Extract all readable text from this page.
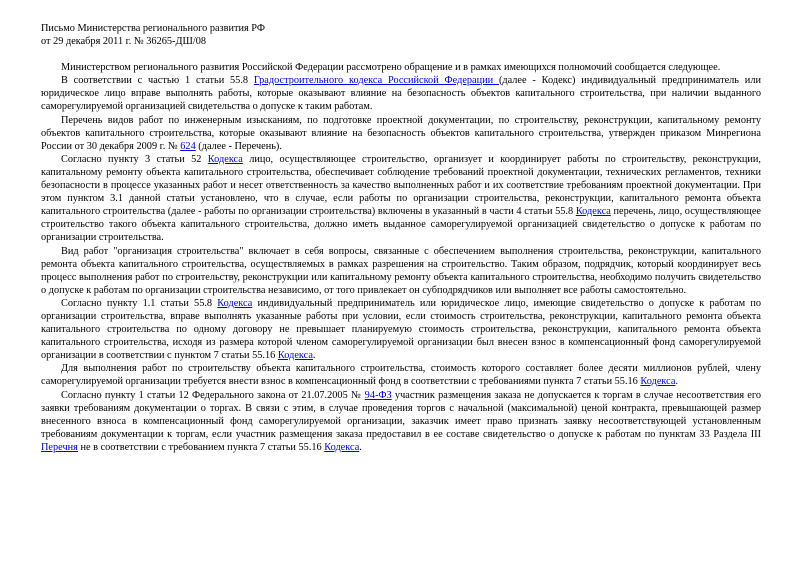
Письмо Министерства регионального развития РФ
от 29 декабря 2011 г. № 36265-ДШ/08

Министерством регионального развития Российской Федерации рассмотрено обращение и в рамках имеющихся полномочий сообщается следующее.

В соответствии с частью 1 статьи 55.8 Градостроительного кодекса Российской Федерации (далее - Кодекс) индивидуальный предприниматель или юридическое лицо вправе выполнять работы, которые оказывают влияние на безопасность объектов капитального строительства, при наличии выданного саморегулируемой организацией свидетельства о допуске к таким работам.

Перечень видов работ по инженерным изысканиям, по подготовке проектной документации, по строительству, реконструкции, капитальному ремонту объектов капитального строительства, которые оказывают влияние на безопасность объектов капитального строительства, утвержден приказом Минрегиона России от 30 декабря 2009 г. № 624 (далее - Перечень).

Согласно пункту 3 статьи 52 Кодекса лицо, осуществляющее строительство, организует и координирует работы по строительству, реконструкции, капитальному ремонту объекта капитального строительства, обеспечивает соблюдение требований проектной документации, технических регламентов, техники безопасности в процессе указанных работ и несет ответственность за качество выполненных работ и их соответствие требованиям проектной документации. При этом пунктом 3.1 данной статьи установлено, что в случае, если работы по организации строительства, реконструкции, капитального ремонта объекта капитального строительства (далее - работы по организации строительства) включены в указанный в части 4 статьи 55.8 Кодекса перечень, лицо, осуществляющее строительство такого объекта капитального строительства, должно иметь выданное саморегулируемой организацией свидетельство о допуске к работам по организации строительства.

Вид работ "организация строительства" включает в себя вопросы, связанные с обеспечением выполнения строительства, реконструкции, капитального ремонта объекта капитального строительства, осуществляемых в рамках разрешения на строительство. Таким образом, подрядчик, который координирует весь процесс выполнения работ по строительству, реконструкции или капитальному ремонту объекта капитального строительства, необходимо получить свидетельство о допуске к работам по организации строительства независимо, от того привлекает он субподрядчиков или выполняет все работы самостоятельно.

Согласно пункту 1.1 статьи 55.8 Кодекса индивидуальный предприниматель или юридическое лицо, имеющие свидетельство о допуске к работам по организации строительства, вправе выполнять указанные работы при условии, если стоимость строительства, реконструкции, капитального ремонта объекта капитального строительства по одному договору не превышает планируемую стоимость строительства, реконструкции, капитального ремонта объекта капитального строительства, исходя из размера которой членом саморегулируемой организации был внесен взнос в компенсационный фонд саморегулируемой организации в соответствии с пунктом 7 статьи 55.16 Кодекса.

Для выполнения работ по строительству объекта капитального строительства, стоимость которого составляет более десяти миллионов рублей, члену саморегулируемой организации требуется внести взнос в компенсационный фонд в соответствии с требованиями пункта 7 статьи 55.16 Кодекса.

Согласно пункту 1 статьи 12 Федерального закона от 21.07.2005 № 94-ФЗ участник размещения заказа не допускается к торгам в случае несоответствия его заявки требованиям документации о торгах. В связи с этим, в случае проведения торгов с начальной (максимальной) ценой контракта, превышающей размер внесенного взноса в компенсационный фонд саморегулируемой организации, заказчик имеет право признать заявку несоответствующей установленным требованиям документации к торгам, если участник размещения заказа предоставил в ее составе свидетельство о допуске к работам по пунктам 33 Раздела III Перечня не в соответствии с требованием пункта 7 статьи 55.16 Кодекса.
